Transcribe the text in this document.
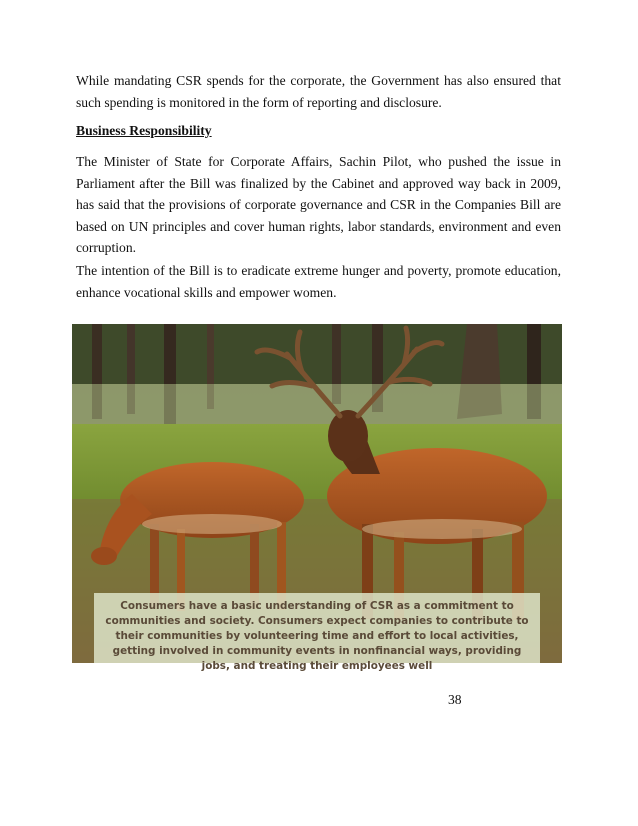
While mandating CSR spends for the corporate, the Government has also ensured that such spending is monitored in the form of reporting and disclosure.

Business Responsibility

The Minister of State for Corporate Affairs, Sachin Pilot, who pushed the issue in Parliament after the Bill was finalized by the Cabinet and approved way back in 2009, has said that the provisions of corporate governance and CSR in the Companies Bill are based on UN principles and cover human rights, labor standards, environment and even corruption.

The intention of the Bill is to eradicate extreme hunger and poverty, promote education, enhance vocational skills and empower women.

Consumers have a basic understanding of CSR as a commitment to communities and society. Consumers expect companies to contribute to their communities by volunteering time and effort to local activities, getting involved in community events in nonfinancial ways, providing jobs, and treating their employees well

38
